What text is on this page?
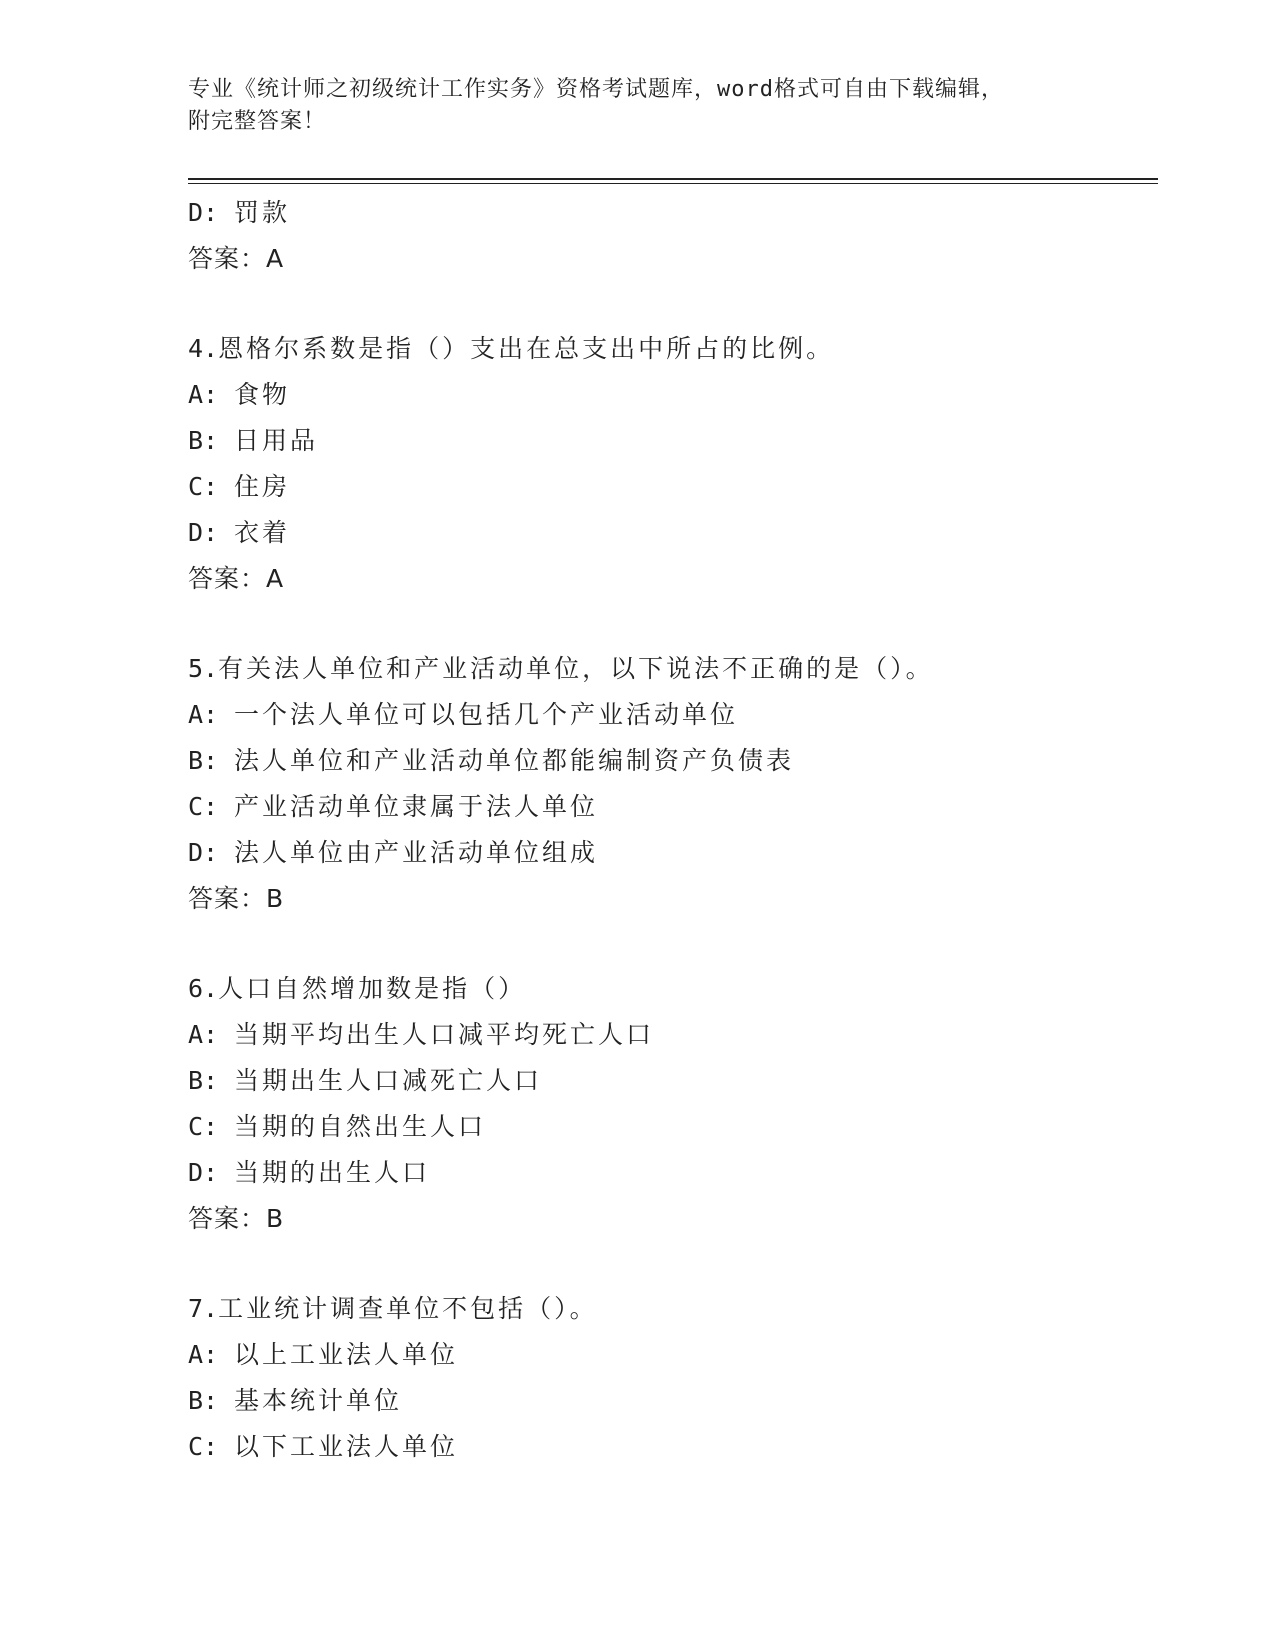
专业《统计师之初级统计工作实务》资格考试题库，word格式可自由下载编辑，
附完整答案！
D: 罚款
答案：A
4.恩格尔系数是指（）支出在总支出中所占的比例。
A: 食物
B: 日用品
C: 住房
D: 衣着
答案：A
5.有关法人单位和产业活动单位，以下说法不正确的是（）。
A: 一个法人单位可以包括几个产业活动单位
B: 法人单位和产业活动单位都能编制资产负债表
C: 产业活动单位隶属于法人单位
D: 法人单位由产业活动单位组成
答案：B
6.人口自然增加数是指（）
A: 当期平均出生人口减平均死亡人口
B: 当期出生人口减死亡人口
C: 当期的自然出生人口
D: 当期的出生人口
答案：B
7.工业统计调查单位不包括（）。
A: 以上工业法人单位
B: 基本统计单位
C: 以下工业法人单位
